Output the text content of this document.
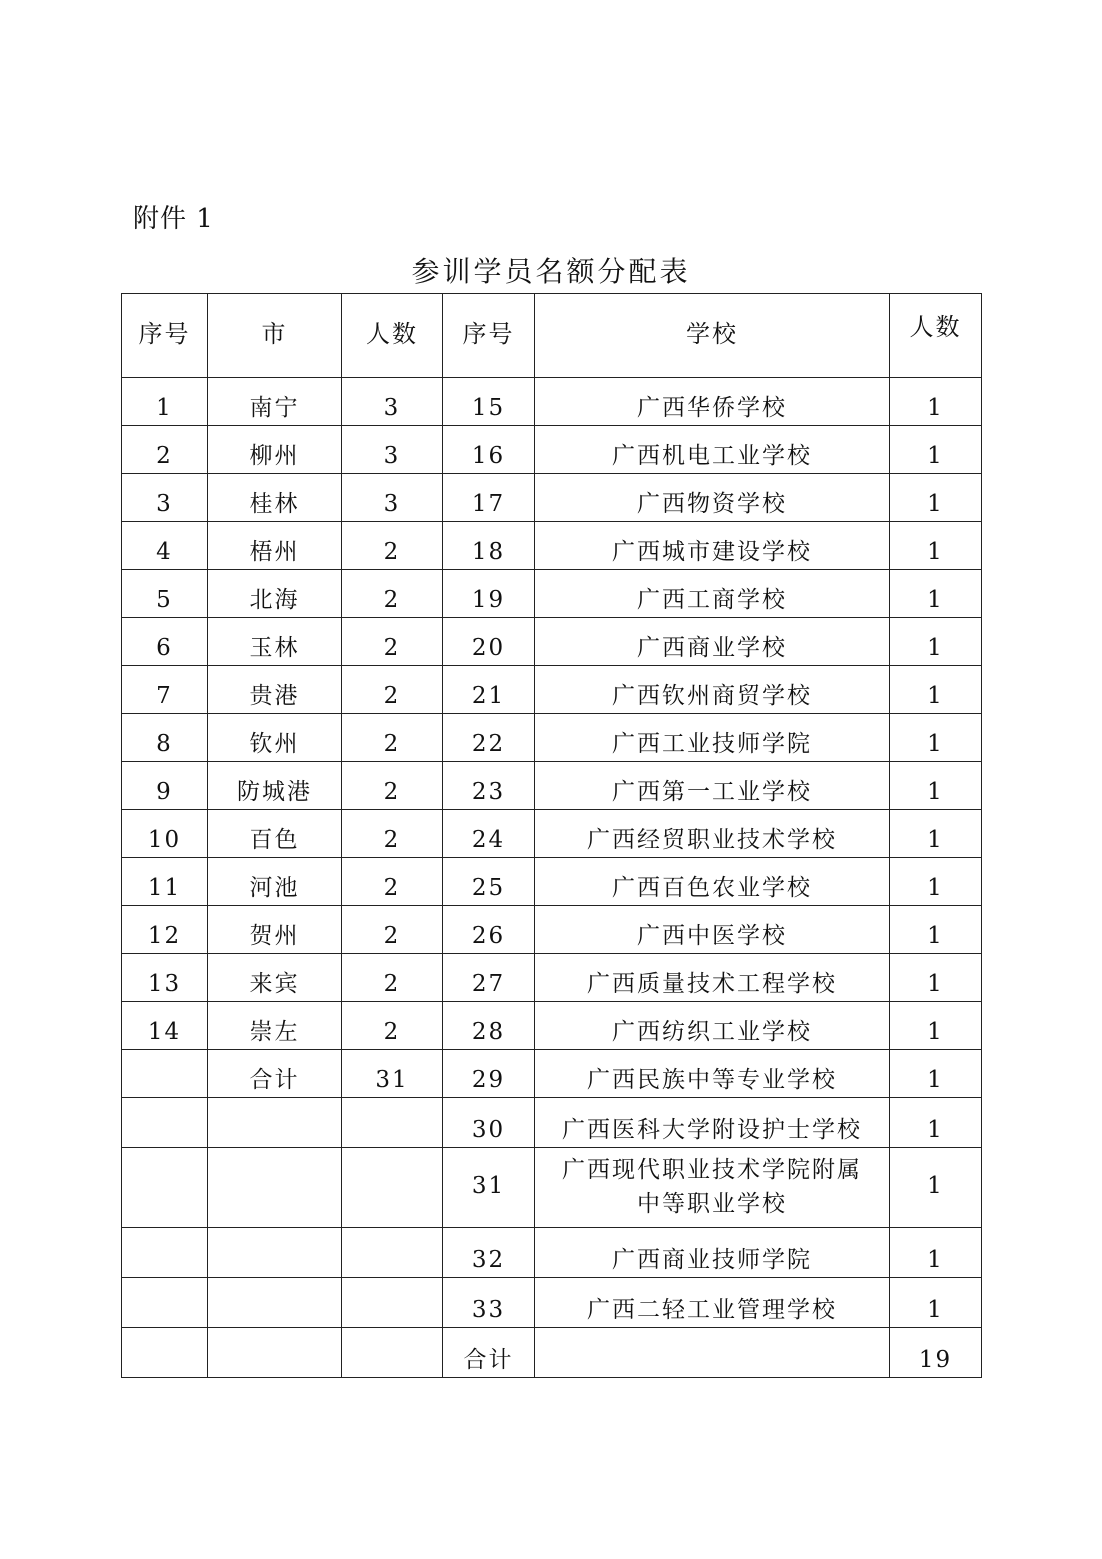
附件 1
参训学员名额分配表
序号	市	人数	序号	学校	人数
1	南宁	3	15	广西华侨学校	1
2	柳州	3	16	广西机电工业学校	1
3	桂林	3	17	广西物资学校	1
4	梧州	2	18	广西城市建设学校	1
5	北海	2	19	广西工商学校	1
6	玉林	2	20	广西商业学校	1
7	贵港	2	21	广西钦州商贸学校	1
8	钦州	2	22	广西工业技师学院	1
9	防城港	2	23	广西第一工业学校	1
10	百色	2	24	广西经贸职业技术学校	1
11	河池	2	25	广西百色农业学校	1
12	贺州	2	26	广西中医学校	1
13	来宾	2	27	广西质量技术工程学校	1
14	崇左	2	28	广西纺织工业学校	1
	合计	31	29	广西民族中等专业学校	1
			30	广西医科大学附设护士学校	1
			31	广西现代职业技术学院附属
中等职业学校	1
			32	广西商业技师学院	1
			33	广西二轻工业管理学校	1
			合计		19
